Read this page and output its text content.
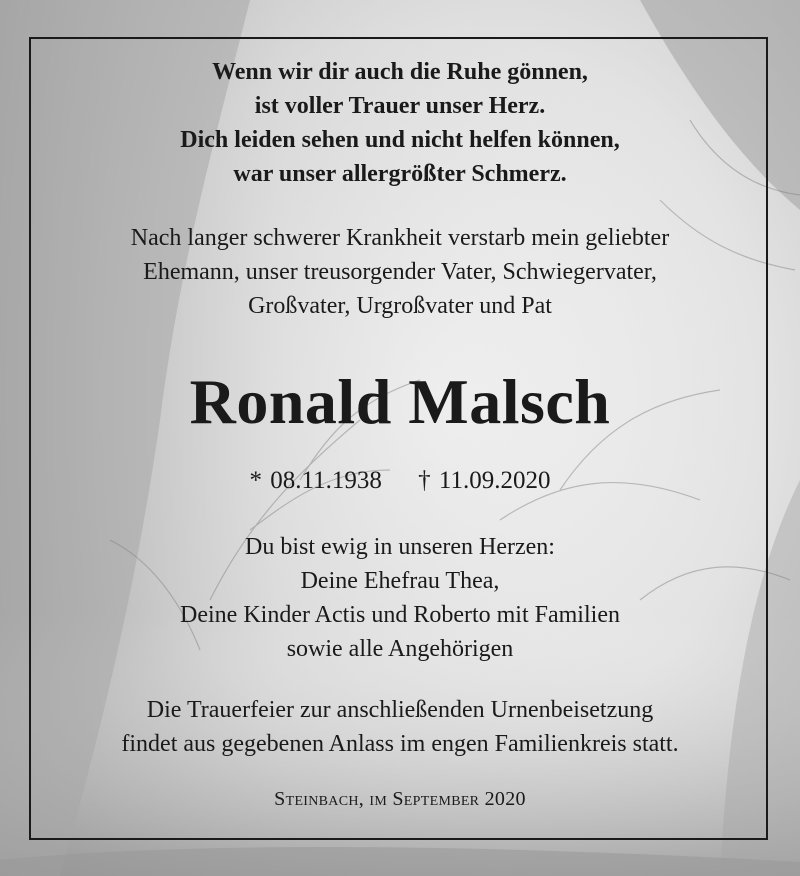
Wenn wir dir auch die Ruhe gönnen,
ist voller Trauer unser Herz.
Dich leiden sehen und nicht helfen können,
war unser allergrößter Schmerz.
Nach langer schwerer Krankheit verstarb mein geliebter
Ehemann, unser treusorgender Vater, Schwiegervater,
Großvater, Urgroßvater und Pat
Ronald Malsch
* 08.11.1938 † 11.09.2020
Du bist ewig in unseren Herzen:
Deine Ehefrau Thea,
Deine Kinder Actis und Roberto mit Familien
sowie alle Angehörigen
Die Trauerfeier zur anschließenden Urnenbeisetzung
findet aus gegebenen Anlass im engen Familienkreis statt.
Steinbach, im September 2020
